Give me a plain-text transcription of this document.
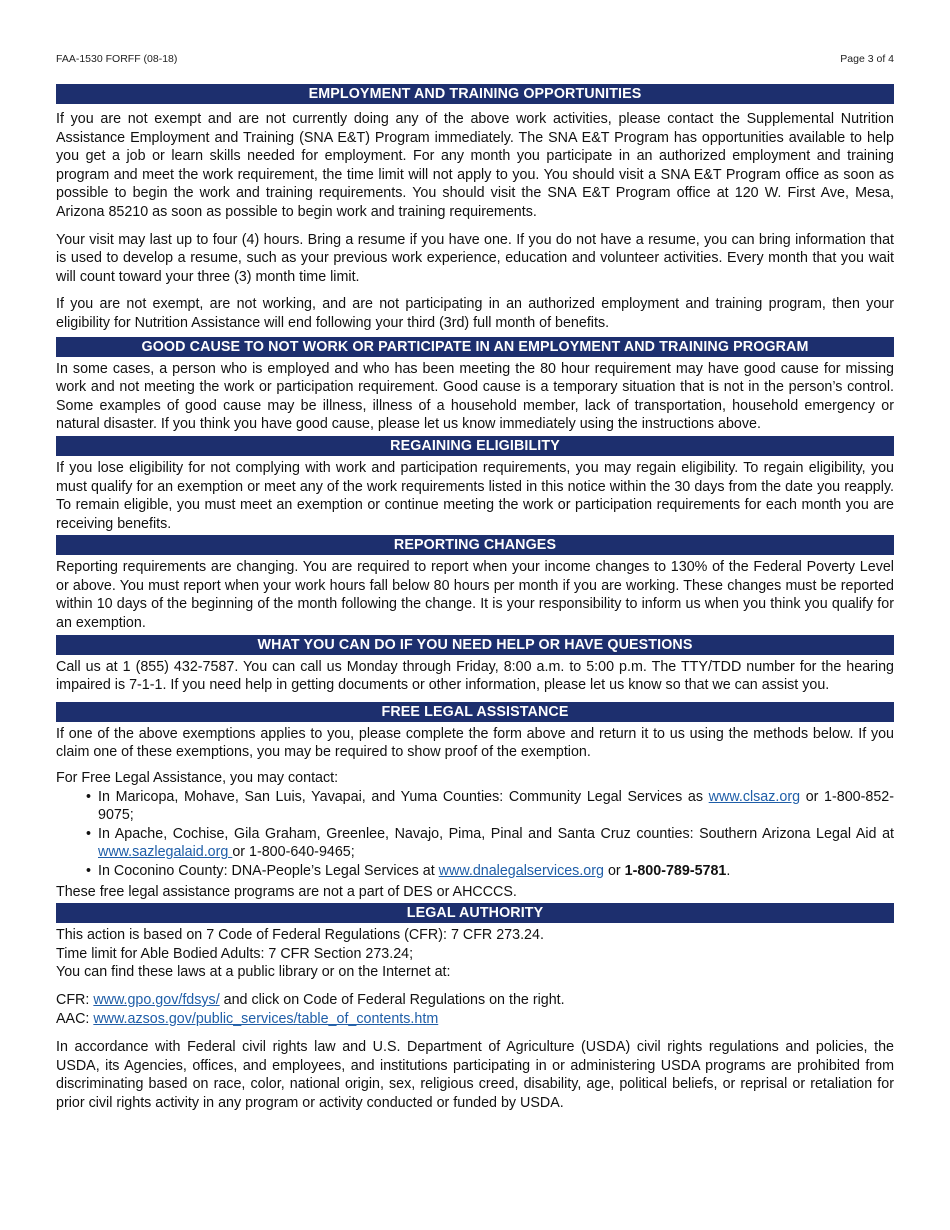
FAA-1530 FORFF (08-18)	Page 3 of 4
EMPLOYMENT AND TRAINING OPPORTUNITIES

If you are not exempt and are not currently doing any of the above work activities, please contact the Supplemental Nutrition Assistance Employment and Training (SNA E&T) Program immediately. The SNA E&T Program has opportunities available to help you get a job or learn skills needed for employment. For any month you participate in an authorized employment and training program and meet the work requirement, the time limit will not apply to you. You should visit a SNA E&T Program office as soon as possible to begin the work and training requirements. You should visit the SNA E&T Program office at 120 W. First Ave, Mesa, Arizona 85210 as soon as possible to begin work and training requirements.

Your visit may last up to four (4) hours. Bring a resume if you have one. If you do not have a resume, you can bring information that is used to develop a resume, such as your previous work experience, education and volunteer activities. Every month that you wait will count toward your three (3) month time limit.

If you are not exempt, are not working, and are not participating in an authorized employment and training program, then your eligibility for Nutrition Assistance will end following your third (3rd) full month of benefits.

GOOD CAUSE TO NOT WORK OR PARTICIPATE IN AN EMPLOYMENT AND TRAINING PROGRAM

In some cases, a person who is employed and who has been meeting the 80 hour requirement may have good cause for missing work and not meeting the work or participation requirement. Good cause is a temporary situation that is not in the person’s control. Some examples of good cause may be illness, illness of a household member, lack of transportation, household emergency or natural disaster. If you think you have good cause, please let us know immediately using the instructions above.

REGAINING ELIGIBILITY

If you lose eligibility for not complying with work and participation requirements, you may regain eligibility. To regain eligibility, you must qualify for an exemption or meet any of the work requirements listed in this notice within the 30 days from the date you reapply. To remain eligible, you must meet an exemption or continue meeting the work or participation requirements for each month you are receiving benefits.

REPORTING CHANGES

Reporting requirements are changing. You are required to report when your income changes to 130% of the Federal Poverty Level or above. You must report when your work hours fall below 80 hours per month if you are working. These changes must be reported within 10 days of the beginning of the month following the change. It is your responsibility to inform us when you think you qualify for an exemption.

WHAT YOU CAN DO IF YOU NEED HELP OR HAVE QUESTIONS

Call us at 1 (855) 432-7587. You can call us Monday through Friday, 8:00 a.m. to 5:00 p.m. The TTY/TDD number for the hearing impaired is 7-1-1. If you need help in getting documents or other information, please let us know so that we can assist you.

FREE LEGAL ASSISTANCE

If one of the above exemptions applies to you, please complete the form above and return it to us using the methods below. If you claim one of these exemptions, you may be required to show proof of the exemption.

For Free Legal Assistance, you may contact:

• In Maricopa, Mohave, San Luis, Yavapai, and Yuma Counties: Community Legal Services as www.clsaz.org or 1-800-852-9075;
• In Apache, Cochise, Gila Graham, Greenlee, Navajo, Pima, Pinal and Santa Cruz counties: Southern Arizona Legal Aid at www.sazlegalaid.org or 1-800-640-9465;
• In Coconino County: DNA-People’s Legal Services at www.dnalegalservices.org or 1-800-789-5781.

These free legal assistance programs are not a part of DES or AHCCCS.

LEGAL AUTHORITY

This action is based on 7 Code of Federal Regulations (CFR): 7 CFR 273.24.
Time limit for Able Bodied Adults: 7 CFR Section 273.24;
You can find these laws at a public library or on the Internet at:

CFR: www.gpo.gov/fdsys/ and click on Code of Federal Regulations on the right.
AAC: www.azsos.gov/public_services/table_of_contents.htm

In accordance with Federal civil rights law and U.S. Department of Agriculture (USDA) civil rights regulations and policies, the USDA, its Agencies, offices, and employees, and institutions participating in or administering USDA programs are prohibited from discriminating based on race, color, national origin, sex, religious creed, disability, age, political beliefs, or reprisal or retaliation for prior civil rights activity in any program or activity conducted or funded by USDA.
